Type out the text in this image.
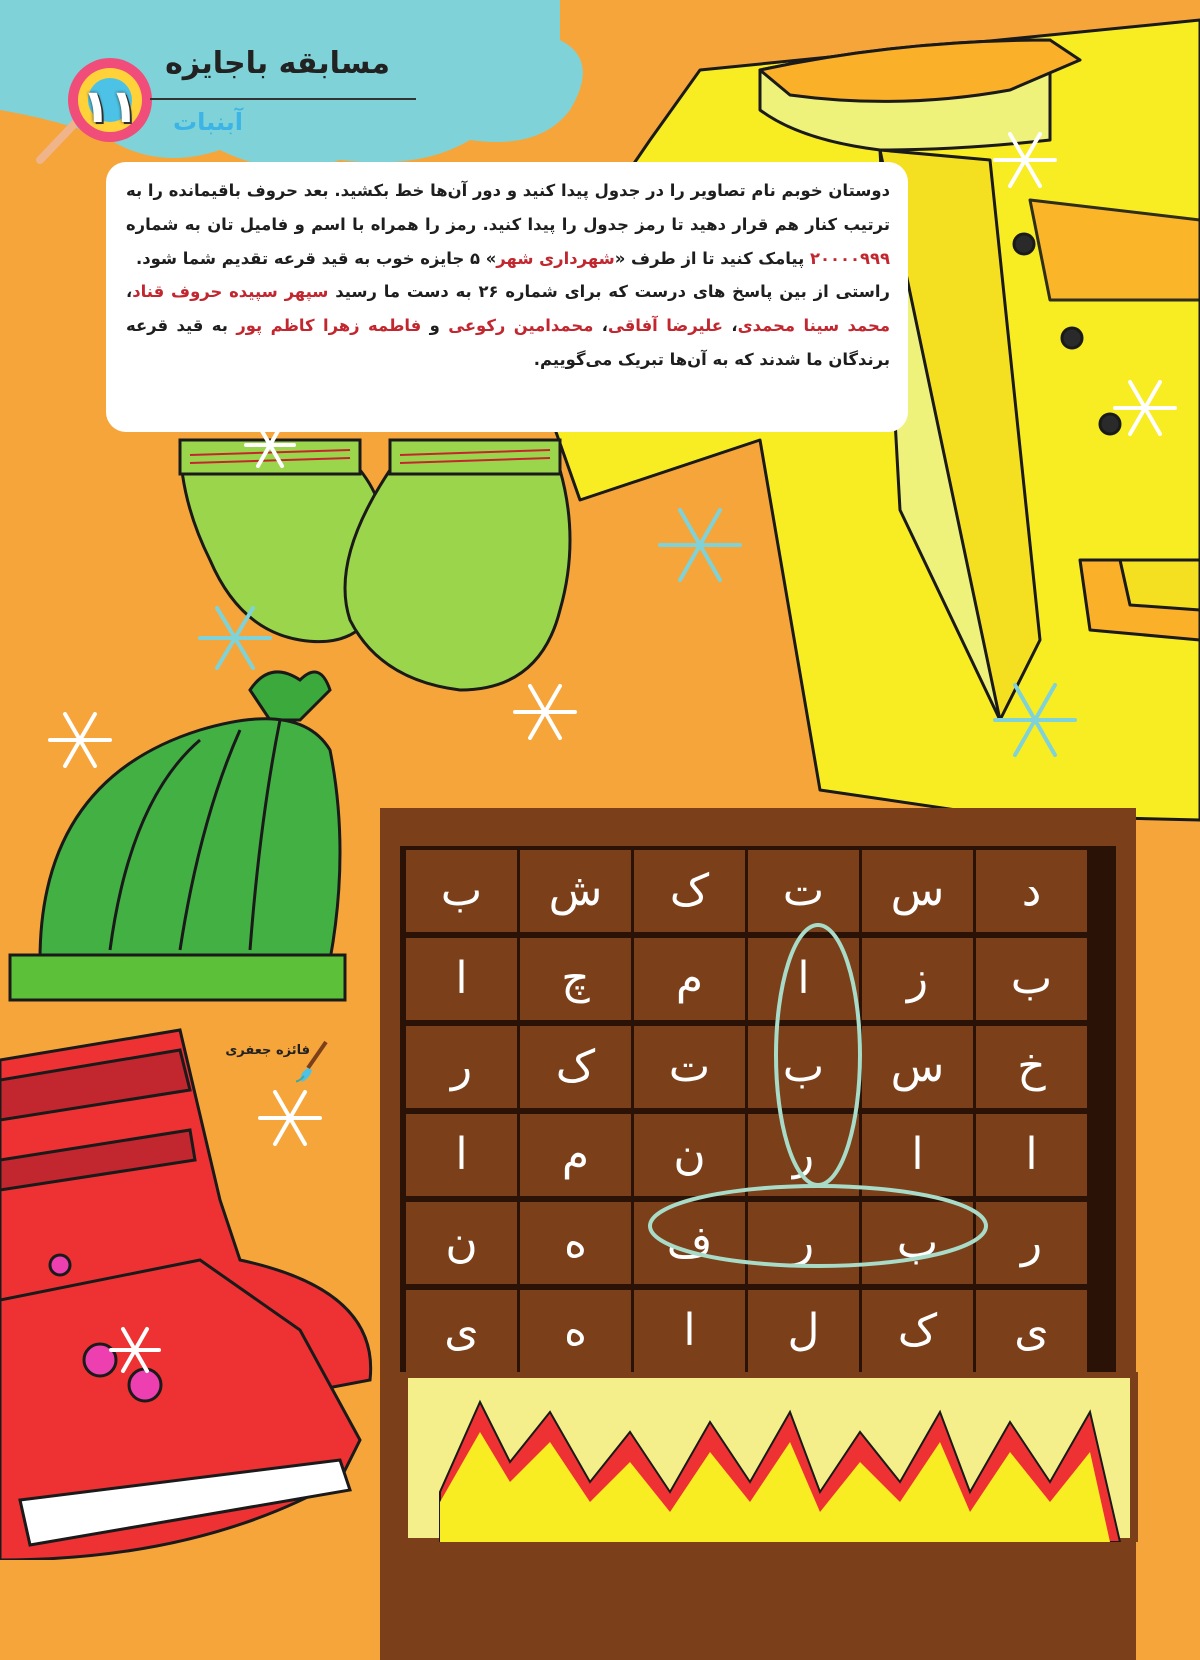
مسابقه باجایزه
۱۱	آبنبات

دوستان خوبم نام تصاویر را در جدول پیدا کنید و دور آن‌ها خط بکشید. بعد حروف باقیمانده را به ترتیب کنار هم قرار دهید تا رمز جدول را پیدا کنید. رمز را همراه با اسم و فامیل تان به شماره ۲۰۰۰۰۹۹۹ پیامک کنید تا از طرف «شهرداری شهر» ۵ جایزه خوب به قید قرعه تقدیم شما شود.

راستی از بین پاسخ های درست که برای شماره ۲۶ به دست ما رسید سپهر سپیده حروف قناد، محمد سینا محمدی، علیرضا آفاقی، محمدامین رکوعی و فاطمه زهرا کاظم پور به قید قرعه برندگان ما شدند که به آن‌ها تبریک می‌گوییم.

فائزه جعفری
د
س
ت
ک
ش
ب
ب
ز
ا
م
چ
ا
خ
س
ب
ت
ک
ر
ا
ا
ر
ن
م
ا
ر
ب
ر
ف
ه
ن
ی
ک
ل
ا
ه
ی
